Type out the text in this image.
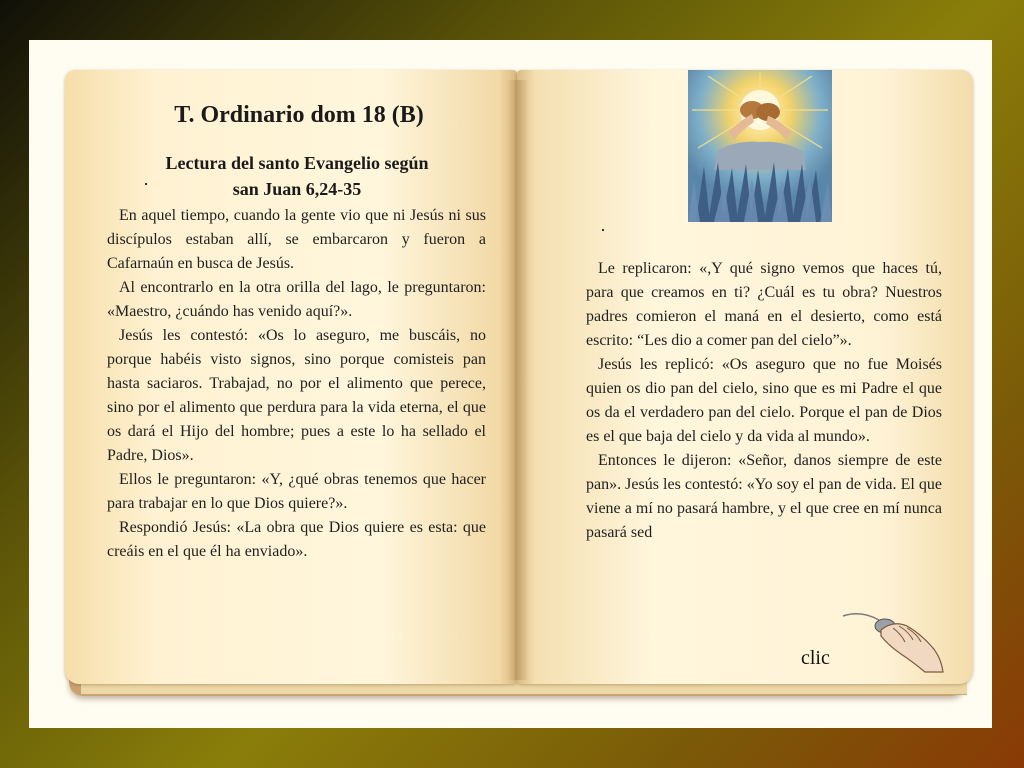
T. Ordinario dom 18 (B)
Lectura del santo Evangelio según
san Juan 6,24-35

En aquel tiempo, cuando la gente vio que ni Jesús ni sus discípulos estaban allí, se embarcaron y fueron a Cafarnaún en busca de Jesús.

Al encontrarlo en la otra orilla del lago, le preguntaron: «Maestro, ¿cuándo has venido aquí?».

Jesús les contestó: «Os lo aseguro, me buscáis, no porque habéis visto signos, sino porque comisteis pan hasta saciaros. Trabajad, no por el alimento que perece, sino por el alimento que perdura para la vida eterna, el que os dará el Hijo del hombre; pues a este lo ha sellado el Padre, Dios».

Ellos le preguntaron: «Y, ¿qué obras tenemos que hacer para trabajar en lo que Dios quiere?».

Respondió Jesús: «La obra que Dios quiere es esta: que creáis en el que él ha enviado».

Le replicaron: «,Y qué signo vemos que haces tú, para que creamos en ti? ¿Cuál es tu obra? Nuestros padres comieron el maná en el desierto, como está escrito: “Les dio a comer pan del cielo”».

Jesús les replicó: «Os aseguro que no fue Moisés quien os dio pan del cielo, sino que es mi Padre el que os da el verdadero pan del cielo. Porque el pan de Dios es el que baja del cielo y da vida al mundo».

Entonces le dijeron: «Señor, danos siempre de este pan». Jesús les contestó: «Yo soy el pan de vida. El que viene a mí no pasará hambre, y el que cree en mí nunca pasará sed

clic
